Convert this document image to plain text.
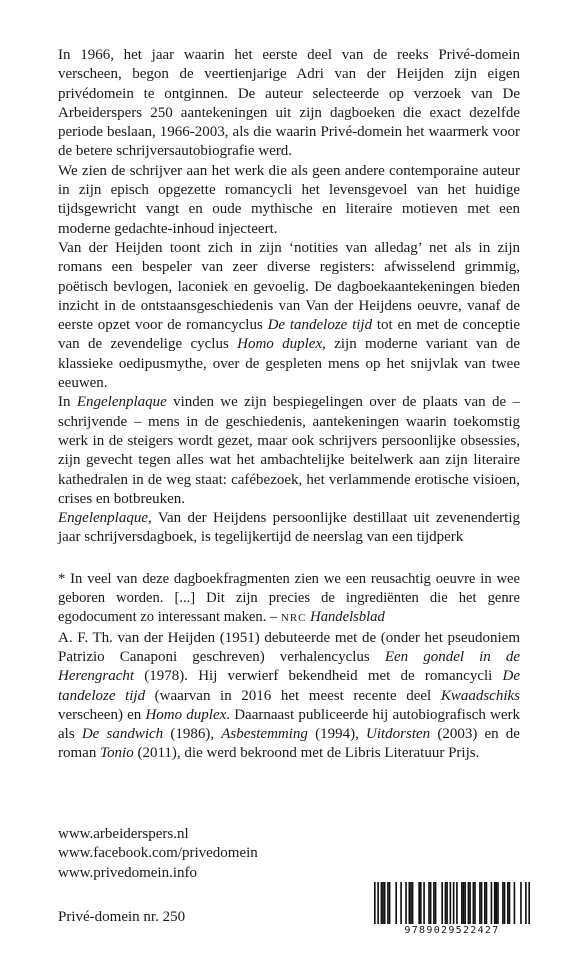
In 1966, het jaar waarin het eerste deel van de reeks Privé-domein verscheen, begon de veertienjarige Adri van der Heijden zijn eigen privédomein te ontginnen. De auteur selecteerde op verzoek van De Arbeiderspers 250 aantekeningen uit zijn dagboeken die exact dezelfde periode beslaan, 1966-2003, als die waarin Privé-domein het waarmerk voor de betere schrijversautobiografie werd.

We zien de schrijver aan het werk die als geen andere contemporaine auteur in zijn episch opgezette romancycli het levensgevoel van het huidige tijdsgewricht vangt en oude mythische en literaire motieven met een moderne gedachte-inhoud injecteert.

Van der Heijden toont zich in zijn ‘notities van alledag’ net als in zijn romans een bespeler van zeer diverse registers: afwisselend grimmig, poëtisch bevlogen, laconiek en gevoelig. De dagboekaantekeningen bieden inzicht in de ontstaansgeschiedenis van Van der Heijdens oeuvre, vanaf de eerste opzet voor de romancyclus De tandeloze tijd tot en met de conceptie van de zevendelige cyclus Homo duplex, zijn moderne variant van de klassieke oedipusmythe, over de gespleten mens op het snijvlak van twee eeuwen.

In Engelenplaque vinden we zijn bespiegelingen over de plaats van de – schrijvende – mens in de geschiedenis, aantekeningen waarin toekomstig werk in de steigers wordt gezet, maar ook schrijvers persoonlijke obsessies, zijn gevecht tegen alles wat het ambachtelijke beitelwerk aan zijn literaire kathedralen in de weg staat: cafébezoek, het verlammende erotische visioen, crises en botbreuken.

Engelenplaque, Van der Heijdens persoonlijke destillaat uit zevenendertig jaar schrijversdagboek, is tegelijkertijd de neerslag van een tijdperk

* In veel van deze dagboekfragmenten zien we een reusachtig oeuvre in wee geboren worden. [...] Dit zijn precies de ingrediënten die het genre egodocument zo interessant maken. – NRC Handelsblad

A. F. Th. van der Heijden (1951) debuteerde met de (onder het pseudoniem Patrizio Canaponi geschreven) verhalencyclus Een gondel in de Herengracht (1978). Hij verwierf bekendheid met de romancycli De tandeloze tijd (waarvan in 2016 het meest recente deel Kwaadschiks verscheen) en Homo duplex. Daarnaast publiceerde hij autobiografisch werk als De sandwich (1986), Asbestemming (1994), Uitdorsten (2003) en de roman Tonio (2011), die werd bekroond met de Libris Literatuur Prijs.

www.arbeiderspers.nl
www.facebook.com/privedomein
www.privedomein.info
Privé-domein nr. 250
9789029522427
